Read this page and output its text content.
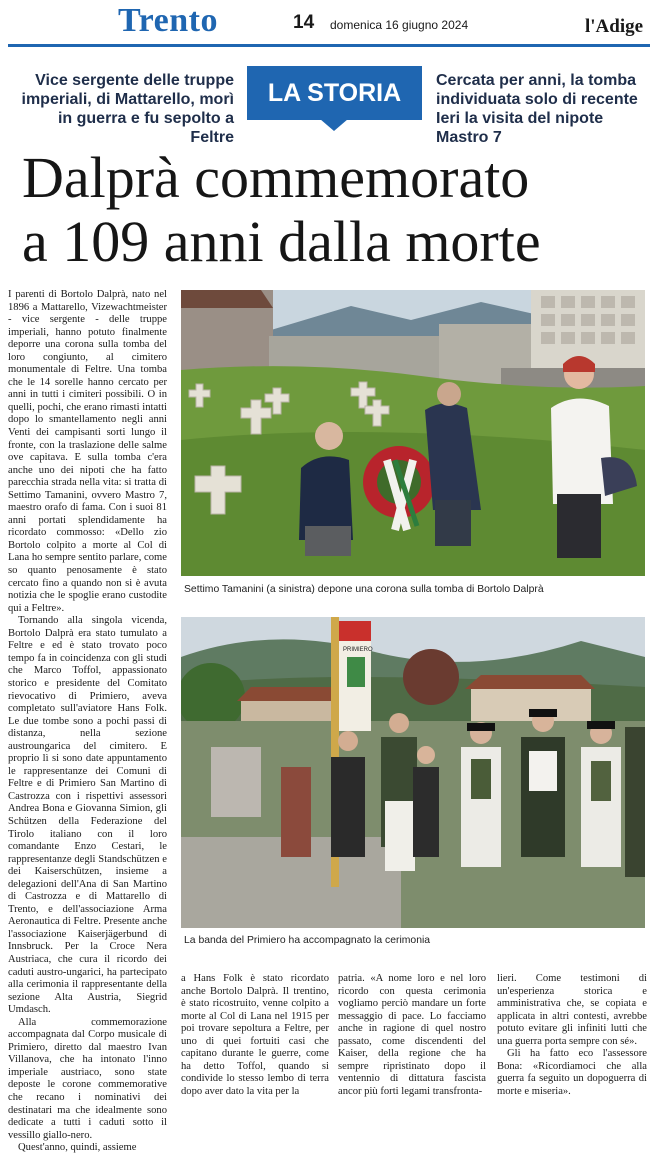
Trento	14 domenica 16 giugno 2024	l'Adige
Vice sergente delle truppe
imperiali, di Mattarello, morì
in guerra e fu sepolto a Feltre
LA STORIA	Cercata per anni, la tomba
individuata solo di recente
Ieri la visita del nipote Mastro 7
Dalprà commemorato
a 109 anni dalla morte

I parenti di Bortolo Dalprà, nato nel 1896 a Mattarello, Vizewachtmeister - vice sergente - delle truppe imperiali, hanno potuto finalmente deporre una corona sulla tomba del loro congiunto, al cimitero monumentale di Feltre. Una tomba che le 14 sorelle hanno cercato per anni in tutti i cimiteri possibili. O in quelli, pochi, che erano rimasti intatti dopo lo smantellamento negli anni Venti dei campisanti sorti lungo il fronte, con la traslazione delle salme ove capitava. E sulla tomba c'era anche uno dei nipoti che ha fatto parecchia strada nella vita: si tratta di Settimo Tamanini, ovvero Mastro 7, maestro orafo di fama. Con i suoi 81 anni portati splendidamente ha ricordato commosso: «Dello zio Bortolo colpito a morte al Col di Lana ho sempre sentito parlare, come so quanto penosamente è stato cercato fino a quando non si è avuta notizia che le spoglie erano custodite qui a Feltre».

Tornando alla singola vicenda, Bortolo Dalprà era stato tumulato a Feltre e ed è stato trovato poco tempo fa in coincidenza con gli studi che Marco Toffol, appassionato storico e presidente del Comitato rievocativo di Primiero, aveva completato sull'aviatore Hans Folk. Le due tombe sono a pochi passi di distanza, nella sezione austroungarica del cimitero. E proprio lì si sono date appuntamento le rappresentanze dei Comuni di Feltre e di Primiero San Martino di Castrozza con i rispettivi assessori Andrea Bona e Giovanna Simion, gli Schützen della Federazione del Tirolo italiano con il loro comandante Enzo Cestari, le rappresentanze degli Standschützen e dei Kaiserschützen, insieme a delegazioni dell'Ana di San Martino di Castrozza e di Mattarello di Trento, e dell'associazione Arma Aeronautica di Feltre. Presente anche l'associazione Kaiserjägerbund di Innsbruck. Per la Croce Nera Austriaca, che cura il ricordo dei caduti austro-ungarici, ha partecipato alla cerimonia il rappresentante della sezione Alta Austria, Siegrid Umdasch.

Alla commemorazione accompagnata dal Corpo musicale di Primiero, diretto dal maestro Ivan Villanova, che ha intonato l'inno imperiale austriaco, sono state deposte le corone commemorative che recano i nominativi dei destinatari ma che idealmente sono dedicate a tutti i caduti sotto il vessillo giallo-nero.

Quest'anno, quindi, assieme

Settimo Tamanini (a sinistra) depone una corona sulla tomba di Bortolo Dalprà
PRIMIERO
La banda del Primiero ha accompagnato la cerimonia

a Hans Folk è stato ricordato anche Bortolo Dalprà. Il trentino, è stato ricostruito, venne colpito a morte al Col di Lana nel 1915 per poi trovare sepoltura a Feltre, per uno di quei fortuiti casi che capitano durante le guerre, come ha detto Toffol, quando si condivide lo stesso lembo di terra dopo aver dato la vita per la

patria. «A nome loro e nel loro ricordo con questa cerimonia vogliamo perciò mandare un forte messaggio di pace. Lo facciamo anche in ragione di quel nostro passato, come discendenti del Kaiser, della regione che ha sempre ripristinato dopo il ventennio di dittatura fascista ancor più forti legami transfronta-

lieri. Come testimoni di un'esperienza storica e amministrativa che, se copiata e applicata in altri contesti, avrebbe potuto evitare gli infiniti lutti che una guerra porta sempre con sé».

Gli ha fatto eco l'assessore Bona: «Ricordiamoci che alla guerra fa seguito un dopoguerra di morte e miseria».
